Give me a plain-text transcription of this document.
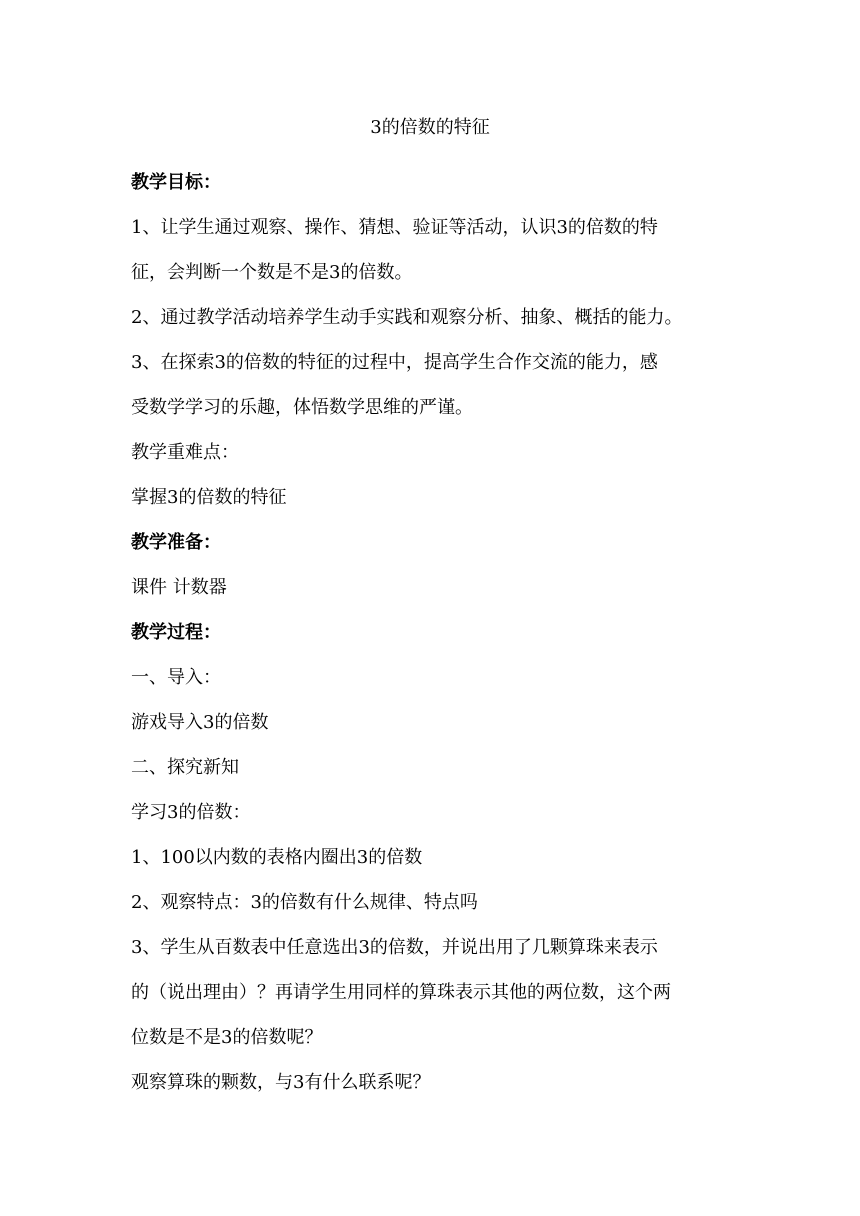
3的倍数的特征
教学目标：
1、让学生通过观察、操作、猜想、验证等活动，认识3的倍数的特
征，会判断一个数是不是3的倍数。
2、通过教学活动培养学生动手实践和观察分析、抽象、概括的能力。
3、在探索3的倍数的特征的过程中，提高学生合作交流的能力，感
受数学学习的乐趣，体悟数学思维的严谨。
教学重难点：
掌握3的倍数的特征
教学准备：
课件 计数器
教学过程：
一、导入：
游戏导入3的倍数
二、探究新知
学习3的倍数：
1、100以内数的表格内圈出3的倍数
2、观察特点：3的倍数有什么规律、特点吗
3、学生从百数表中任意选出3的倍数，并说出用了几颗算珠来表示
的（说出理由）？再请学生用同样的算珠表示其他的两位数，这个两
位数是不是3的倍数呢？
观察算珠的颗数，与3有什么联系呢？
